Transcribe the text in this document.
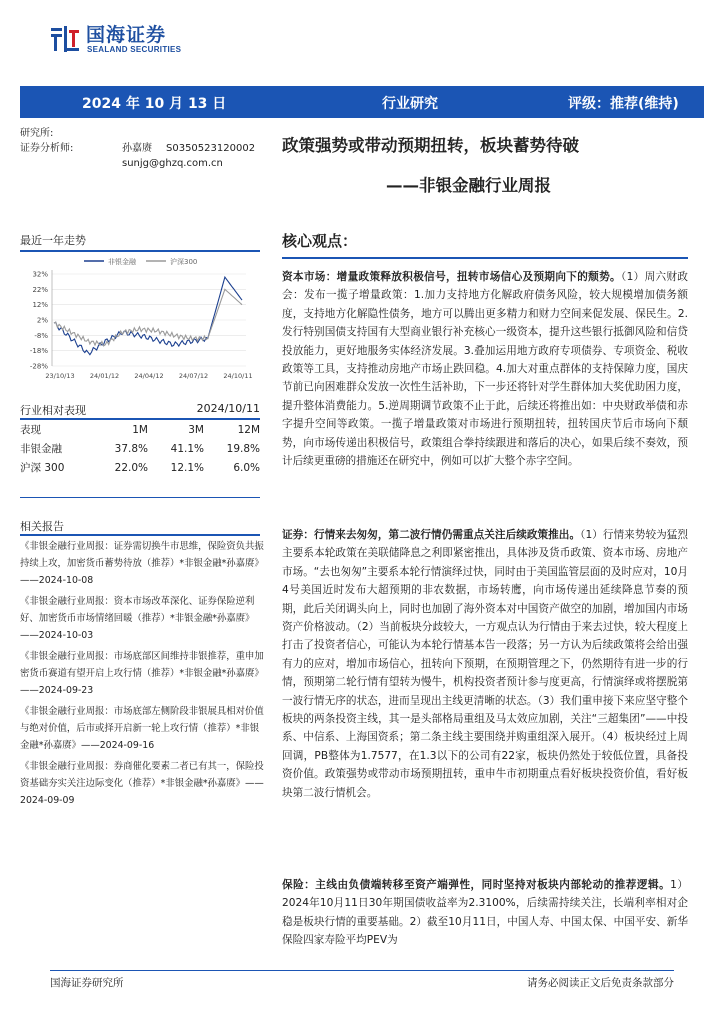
国海证券
SEALAND SECURITIES
2024 年 10 月 13 日	行业研究	评级：推荐(维持)
研究所:
证券分析师:	孙嘉赓 S0350523120002
sunjg@ghzq.com.cn
政策强势或带动预期扭转，板块蓄势待破
——非银金融行业周报
最近一年走势
非银金融	沪深300
32%
22%
12%
2%
-8%
-18%
-28%
23/10/13 24/01/12 24/04/12 24/07/12 24/10/11
行业相对表现	2024/10/11
表现	1M	3M	12M
非银金融	37.8%	41.1%	19.8%
沪深 300	22.0%	12.1%	6.0%
相关报告

《非银金融行业周报：证券需切换牛市思维，保险资负共振持续上攻，加密货币蓄势待放（推荐）*非银金融*孙嘉赓》——2024-10-08

《非银金融行业周报：资本市场改革深化、证券保险逆利好、加密货币市场情绪回暖（推荐）*非银金融*孙嘉赓》——2024-10-03

《非银金融行业周报：市场底部区间维持非银推荐，重申加密货币赛道有望开启上攻行情（推荐）*非银金融*孙嘉赓》——2024-09-23

《非银金融行业周报：市场底部左侧阶段非银展具相对价值与绝对价值，后市或择开启新一轮上攻行情（推荐）*非银金融*孙嘉赓》——2024-09-16

《非银金融行业周报：券商催化要素二者已有其一，保险投资基础夯实关注边际变化（推荐）*非银金融*孙嘉赓》——2024-09-09

核心观点：
资本市场：增量政策释放积极信号，扭转市场信心及预期向下的颓势。（1）周六财政会：发布一揽子增量政策：1.加力支持地方化解政府债务风险，较大规模增加债务额度，支持地方化解隐性债务，地方可以腾出更多精力和财力空间来促发展、保民生。2.发行特别国债支持国有大型商业银行补充核心一级资本，提升这些银行抵御风险和信贷投放能力，更好地服务实体经济发展。3.叠加运用地方政府专项债券、专项资金、税收政策等工具，支持推动房地产市场止跌回稳。4.加大对重点群体的支持保障力度，国庆节前已向困难群众发放一次性生活补助，下一步还将针对学生群体加大奖优助困力度，提升整体消费能力。5.逆周期调节政策不止于此，后续还将推出如：中央财政举债和赤字提升空间等政策。一揽子增量政策对市场进行预期扭转，扭转国庆节后市场向下颓势，向市场传递出积极信号，政策组合拳持续跟进和落后的决心，如果后续不奏效，预计后续更重磅的措施还在研究中，例如可以扩大整个赤字空间。
证券：行情来去匆匆，第二波行情仍需重点关注后续政策推出。（1）行情来势较为猛烈主要系本轮政策在美联储降息之利即紧密推出，具体涉及货币政策、资本市场、房地产市场。“去也匆匆”主要系本轮行情演绎过快，同时由于美国监管层面的及时应对，10月4号美国近时发布大超预期的非农数据，市场转鹰，向市场传递出延续降息节奏的预期，此后关闭调头向上，同时也加剧了海外资本对中国资产做空的加剧，增加国内市场资产价格波动。（2）当前板块分歧较大，一方观点认为行情由于来去过快，较大程度上打击了投资者信心，可能认为本轮行情基本告一段落；另一方认为后续政策将会给出强有力的应对，增加市场信心，扭转向下预期，在预期管理之下，仍然期待有进一步的行情，预期第二轮行情有望转为慢牛，机构投资者预计参与度更高，行情演绎或将摆脱第一波行情无序的状态，进而呈现出主线更清晰的状态。（3）我们重申接下来应坚守整个板块的两条投资主线，其一是头部格局重组及马太效应加剧，关注“三超集团”——中投系、中信系、上海国资系；第二条主线主要围绕并购重组深入展开。（4）板块经过上周回调，PB整体为1.7577，在1.3以下的公司有22家，板块仍然处于较低位置，具备投资价值。政策强势或带动市场预期扭转，重申牛市初期重点看好板块投资价值，看好板块第二波行情机会。
保险：主线由负债端转移至资产端弹性，同时坚持对板块内部轮动的推荐逻辑。1）2024年10月11日30年期国债收益率为2.3100%，后续需持续关注，长端利率相对企稳是板块行情的重要基础。2）截至10月11日，中国人寿、中国太保、中国平安、新华保险四家寿险平均PEV为
国海证券研究所	请务必阅读正文后免责条款部分
